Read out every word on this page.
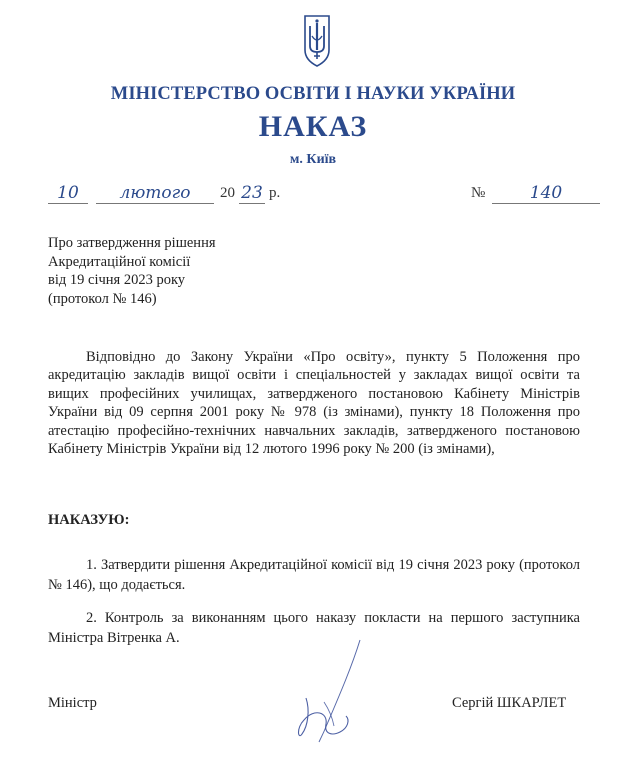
МІНІСТЕРСТВО ОСВІТИ І НАУКИ УКРАЇНИ
НАКАЗ
м. Київ
10	лютого	20 23 р.	№	140
Про затвердження рішення
Акредитаційної комісії
від 19 січня 2023 року
(протокол № 146)
Відповідно до Закону України «Про освіту», пункту 5 Положення про акредитацію закладів вищої освіти і спеціальностей у закладах вищої освіти та вищих професійних училищах, затвердженого постановою Кабінету Міністрів України від 09 серпня 2001 року № 978 (із змінами), пункту 18 Положення про атестацію професійно-технічних навчальних закладів, затвердженого постановою Кабінету Міністрів України від 12 лютого 1996 року № 200 (із змінами),
НАКАЗУЮ:
1. Затвердити рішення Акредитаційної комісії від 19 січня 2023 року (протокол № 146), що додається.
2. Контроль за виконанням цього наказу покласти на першого заступника Міністра Вітренка А.
Міністр	Сергій ШКАРЛЕТ
